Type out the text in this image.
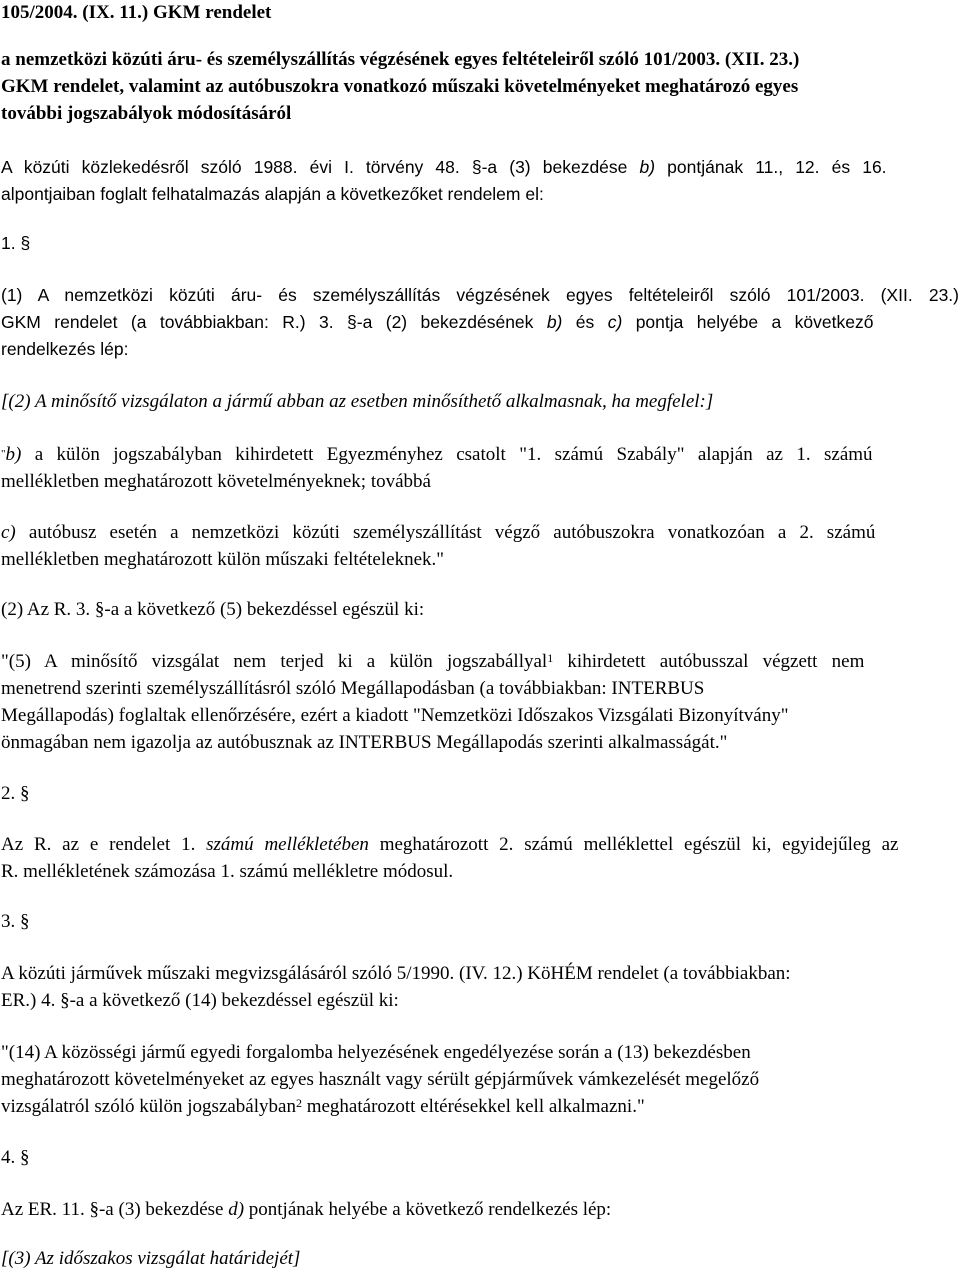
105/2004. (IX. 11.) GKM rendelet
a nemzetközi közúti áru- és személyszállítás végzésének egyes feltételeiről szóló 101/2003. (XII. 23.)
GKM rendelet, valamint az autóbuszokra vonatkozó műszaki követelményeket meghatározó egyes
további jogszabályok módosításáról
A közúti közlekedésről szóló 1988. évi I. törvény 48. §-a (3) bekezdése b) pontjának 11., 12. és 16.
alpontjaiban foglalt felhatalmazás alapján a következőket rendelem el:
1. §
(1) A nemzetközi közúti áru- és személyszállítás végzésének egyes feltételeiről szóló 101/2003. (XII. 23.)
GKM rendelet (a továbbiakban: R.) 3. §-a (2) bekezdésének b) és c) pontja helyébe a következő
rendelkezés lép:
[(2) A minősítő vizsgálaton a jármű abban az esetben minősíthető alkalmasnak, ha megfelel:]
"b) a külön jogszabályban kihirdetett Egyezményhez csatolt "1. számú Szabály" alapján az 1. számú
mellékletben meghatározott követelményeknek; továbbá
c) autóbusz esetén a nemzetközi közúti személyszállítást végző autóbuszokra vonatkozóan a 2. számú
mellékletben meghatározott külön műszaki feltételeknek."
(2) Az R. 3. §-a a következő (5) bekezdéssel egészül ki:
"(5) A minősítő vizsgálat nem terjed ki a külön jogszabállyal$^1$ kihirdetett autóbusszal végzett nem
menetrend szerinti személyszállításról szóló Megállapodásban (a továbbiakban: INTERBUS
Megállapodás) foglaltak ellenőrzésére, ezért a kiadott "Nemzetközi Időszakos Vizsgálati Bizonyítvány"
önmagában nem igazolja az autóbusznak az INTERBUS Megállapodás szerinti alkalmasságát."
2. §
Az R. az e rendelet 1. számú mellékletében meghatározott 2. számú melléklettel egészül ki, egyidejűleg az
R. mellékletének számozása 1. számú mellékletre módosul.
3. §
A közúti járművek műszaki megvizsgálásáról szóló 5/1990. (IV. 12.) KöHÉM rendelet (a továbbiakban:
ER.) 4. §-a a következő (14) bekezdéssel egészül ki:
"(14) A közösségi jármű egyedi forgalomba helyezésének engedélyezése során a (13) bekezdésben
meghatározott követelményeket az egyes használt vagy sérült gépjárművek vámkezelését megelőző
vizsgálatról szóló külön jogszabályban$^2$ meghatározott eltérésekkel kell alkalmazni."
4. §
Az ER. 11. §-a (3) bekezdése d) pontjának helyébe a következő rendelkezés lép:
[(3) Az időszakos vizsgálat határidejét]
